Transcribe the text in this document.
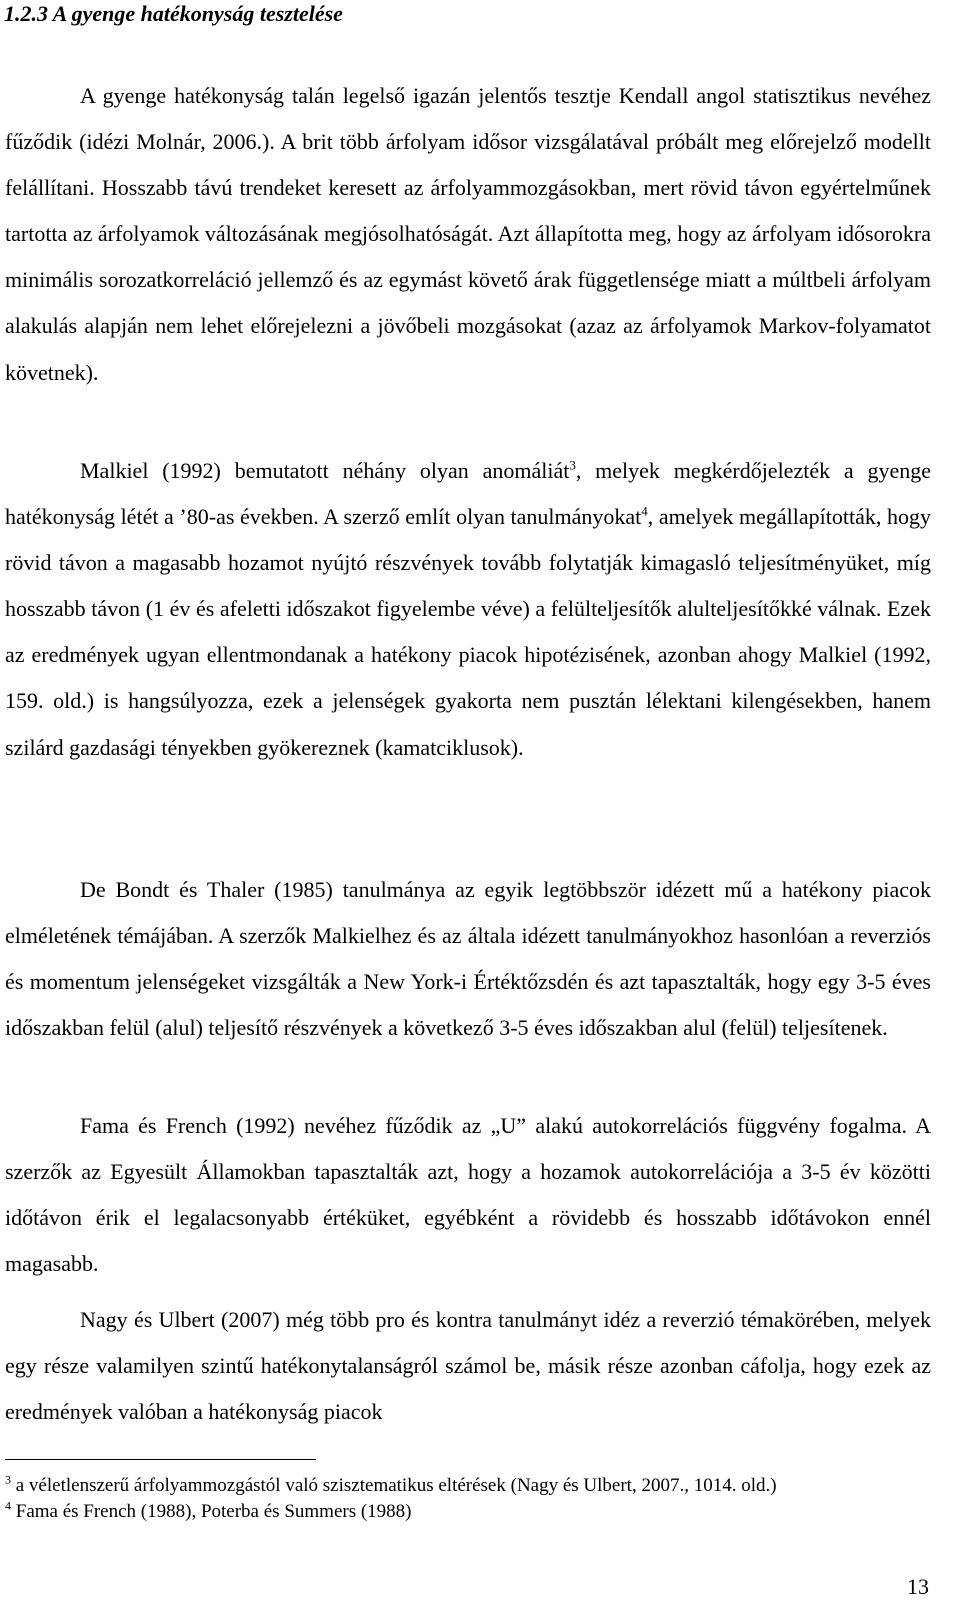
1.2.3 A gyenge hatékonyság tesztelése

A gyenge hatékonyság talán legelső igazán jelentős tesztje Kendall angol statisztikus nevéhez fűződik (idézi Molnár, 2006.). A brit több árfolyam idősor vizsgálatával próbált meg előrejelző modellt felállítani. Hosszabb távú trendeket keresett az árfolyammozgásokban, mert rövid távon egyértelműnek tartotta az árfolyamok változásának megjósolhatóságát. Azt állapította meg, hogy az árfolyam idősorokra minimális sorozatkorreláció jellemző és az egymást követő árak függetlensége miatt a múltbeli árfolyam alakulás alapján nem lehet előrejelezni a jövőbeli mozgásokat (azaz az árfolyamok Markov-folyamatot követnek).

Malkiel (1992) bemutatott néhány olyan anomáliát$^3$, melyek megkérdőjelezték a gyenge hatékonyság létét a ’80-as években. A szerző említ olyan tanulmányokat$^4$, amelyek megállapították, hogy rövid távon a magasabb hozamot nyújtó részvények tovább folytatják kimagasló teljesítményüket, míg hosszabb távon (1 év és afeletti időszakot figyelembe véve) a felülteljesítők alulteljesítőkké válnak. Ezek az eredmények ugyan ellentmondanak a hatékony piacok hipotézisének, azonban ahogy Malkiel (1992, 159. old.) is hangsúlyozza, ezek a jelenségek gyakorta nem pusztán lélektani kilengésekben, hanem szilárd gazdasági tényekben gyökereznek (kamatciklusok).

De Bondt és Thaler (1985) tanulmánya az egyik legtöbbször idézett mű a hatékony piacok elméletének témájában. A szerzők Malkielhez és az általa idézett tanulmányokhoz hasonlóan a reverziós és momentum jelenségeket vizsgálták a New York-i Értéktőzsdén és azt tapasztalták, hogy egy 3-5 éves időszakban felül (alul) teljesítő részvények a következő 3-5 éves időszakban alul (felül) teljesítenek.

Fama és French (1992) nevéhez fűződik az „U” alakú autokorrelációs függvény fogalma. A szerzők az Egyesült Államokban tapasztalták azt, hogy a hozamok autokorrelációja a 3-5 év közötti időtávon érik el legalacsonyabb értéküket, egyébként a rövidebb és hosszabb időtávokon ennél magasabb.

Nagy és Ulbert (2007) még több pro és kontra tanulmányt idéz a reverzió témakörében, melyek egy része valamilyen szintű hatékonytalanságról számol be, másik része azonban cáfolja, hogy ezek az eredmények valóban a hatékonyság piacok

$^3$ a véletlenszerű árfolyammozgástól való szisztematikus eltérések (Nagy és Ulbert, 2007., 1014. old.)

$^4$ Fama és French (1988), Poterba és Summers (1988)

13
